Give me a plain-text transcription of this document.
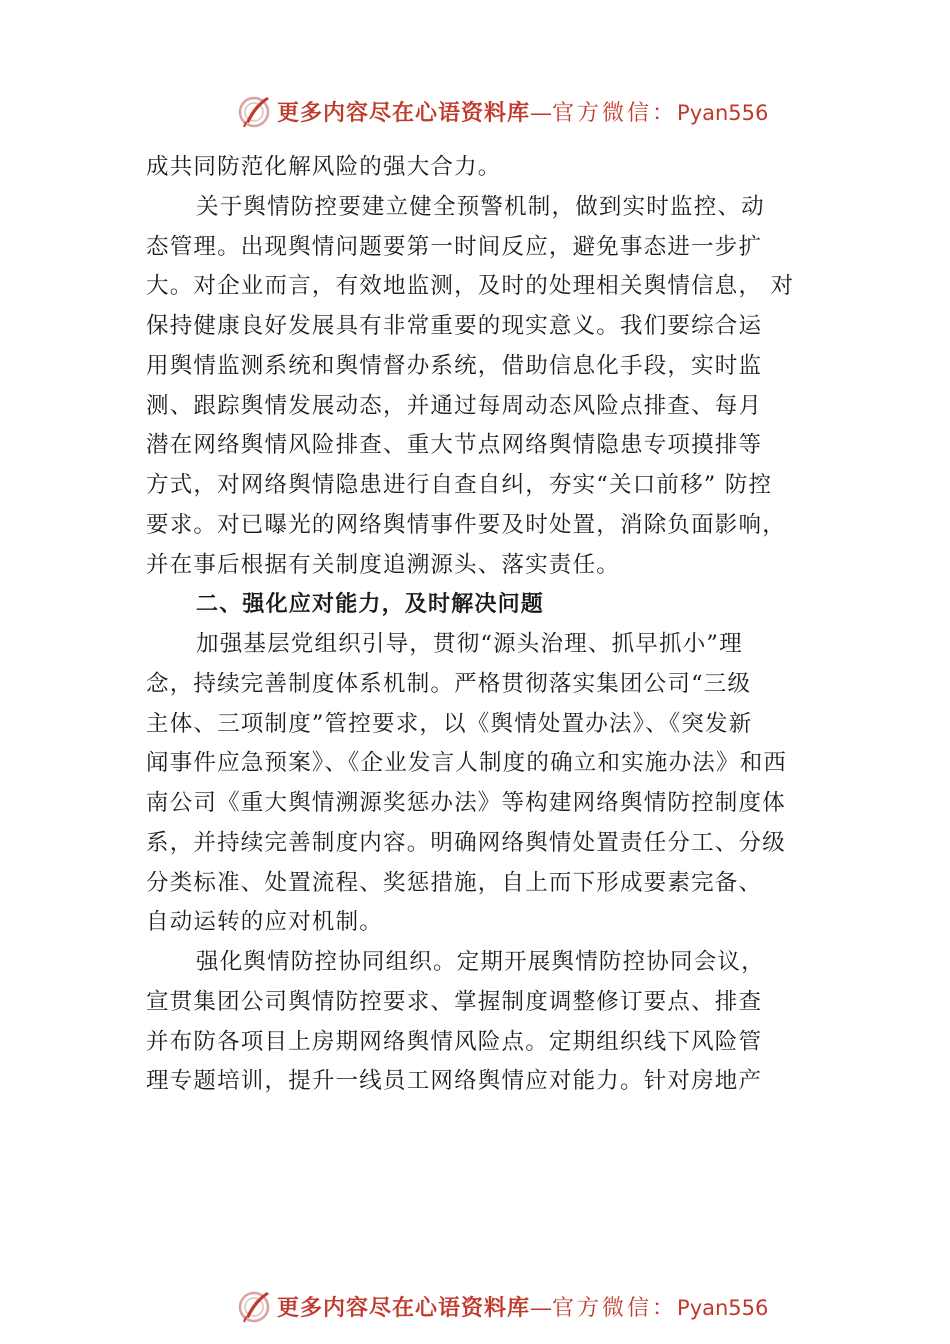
更多内容尽在心语资料库—官方微信：Pyan556
成共同防范化解风险的强大合力。
关于舆情防控要建立健全预警机制，做到实时监控、动
态管理。出现舆情问题要第一时间反应，避免事态进一步扩
大。对企业而言，有效地监测，及时的处理相关舆情信息， 对
保持健康良好发展具有非常重要的现实意义。我们要综合运
用舆情监测系统和舆情督办系统，借助信息化手段，实时监
测、跟踪舆情发展动态，并通过每周动态风险点排查、每月
潜在网络舆情风险排查、重大节点网络舆情隐患专项摸排等
方式，对网络舆情隐患进行自查自纠，夯实“关口前移” 防控
要求。对已曝光的网络舆情事件要及时处置，消除负面影响，
并在事后根据有关制度追溯源头、落实责任。
二、强化应对能力，及时解决问题
加强基层党组织引导，贯彻“源头治理、抓早抓小”理
念，持续完善制度体系机制。严格贯彻落实集团公司“三级
主体、三项制度”管控要求，以《舆情处置办法》、《突发新
闻事件应急预案》、《企业发言人制度的确立和实施办法》和西
南公司《重大舆情溯源奖惩办法》等构建网络舆情防控制度体
系，并持续完善制度内容。明确网络舆情处置责任分工、分级
分类标准、处置流程、奖惩措施，自上而下形成要素完备、
自动运转的应对机制。
强化舆情防控协同组织。定期开展舆情防控协同会议，
宣贯集团公司舆情防控要求、掌握制度调整修订要点、排查
并布防各项目上房期网络舆情风险点。定期组织线下风险管
理专题培训，提升一线员工网络舆情应对能力。针对房地产
更多内容尽在心语资料库—官方微信：Pyan556
